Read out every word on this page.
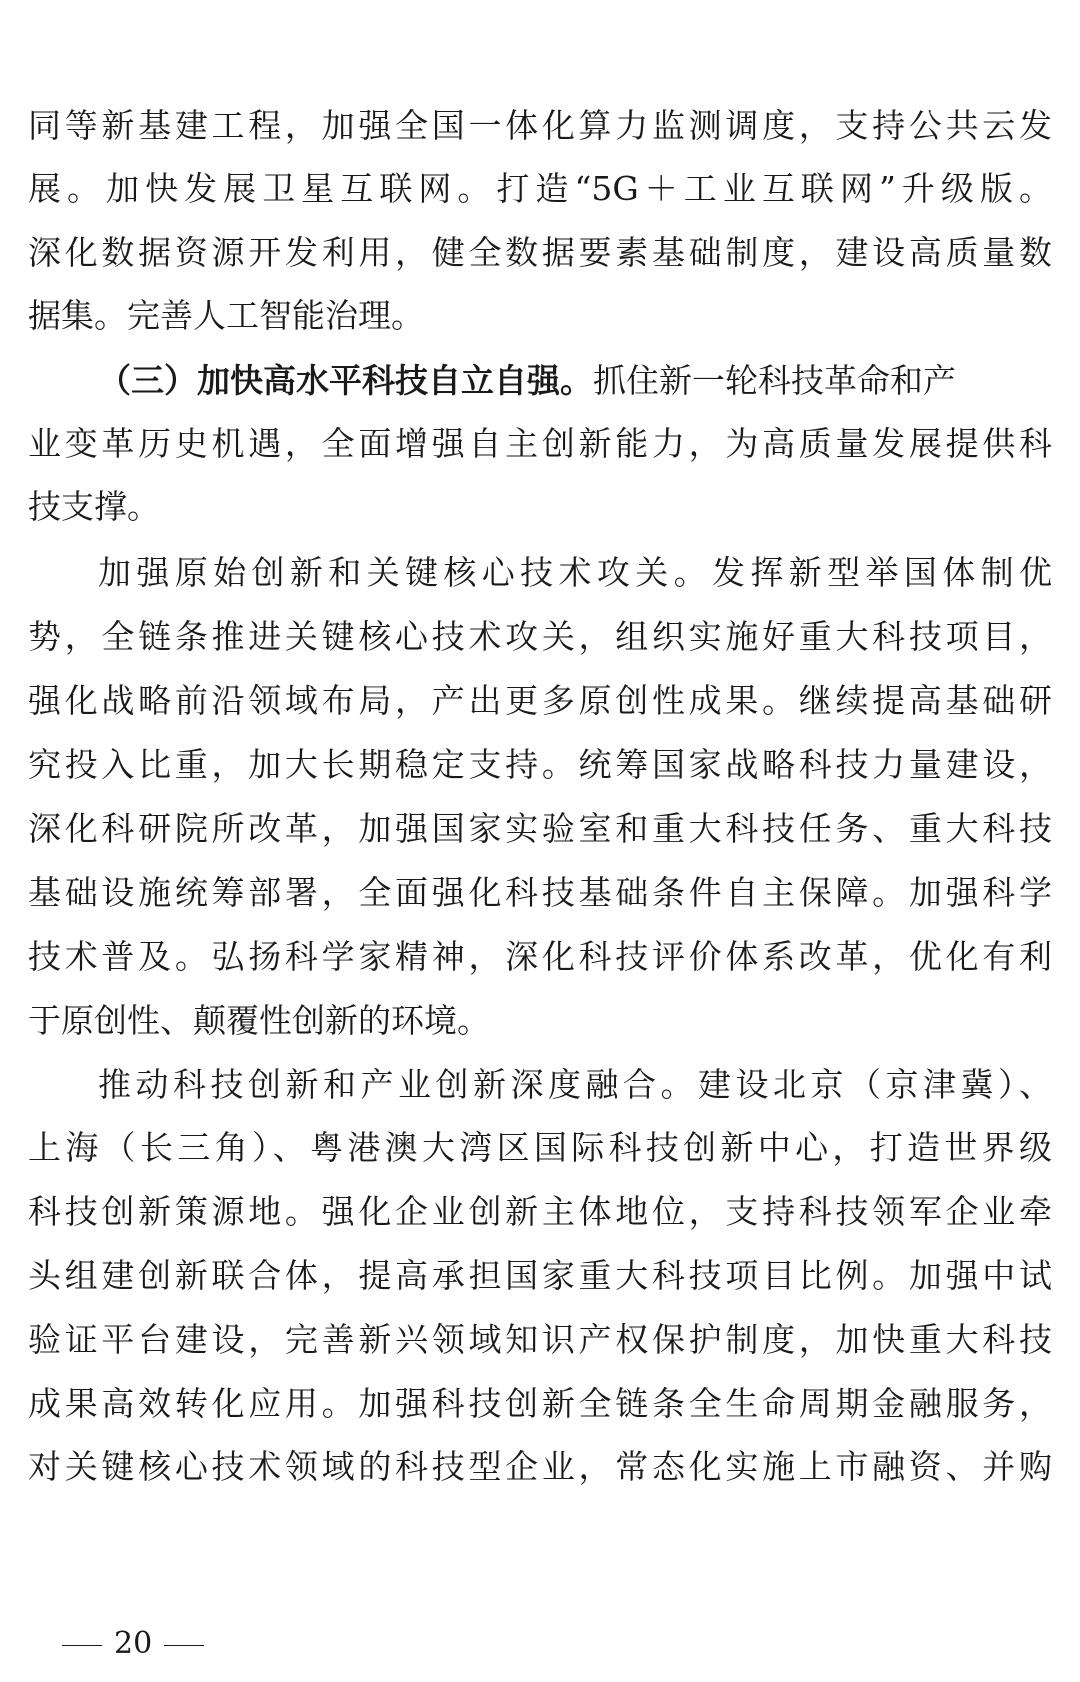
同等新基建工程，加强全国一体化算力监测调度，支持公共云发
展。加快发展卫星互联网。打造“5G＋工业互联网”升级版。
深化数据资源开发利用，健全数据要素基础制度，建设高质量数
据集。完善人工智能治理。
（三）加快高水平科技自立自强。抓住新一轮科技革命和产
业变革历史机遇，全面增强自主创新能力，为高质量发展提供科
技支撑。
加强原始创新和关键核心技术攻关。发挥新型举国体制优
势，全链条推进关键核心技术攻关，组织实施好重大科技项目，
强化战略前沿领域布局，产出更多原创性成果。继续提高基础研
究投入比重，加大长期稳定支持。统筹国家战略科技力量建设，
深化科研院所改革，加强国家实验室和重大科技任务、重大科技
基础设施统筹部署，全面强化科技基础条件自主保障。加强科学
技术普及。弘扬科学家精神，深化科技评价体系改革，优化有利
于原创性、颠覆性创新的环境。
推动科技创新和产业创新深度融合。建设北京（京津冀）、
上海（长三角）、粤港澳大湾区国际科技创新中心，打造世界级
科技创新策源地。强化企业创新主体地位，支持科技领军企业牵
头组建创新联合体，提高承担国家重大科技项目比例。加强中试
验证平台建设，完善新兴领域知识产权保护制度，加快重大科技
成果高效转化应用。加强科技创新全链条全生命周期金融服务，
对关键核心技术领域的科技型企业，常态化实施上市融资、并购
20
